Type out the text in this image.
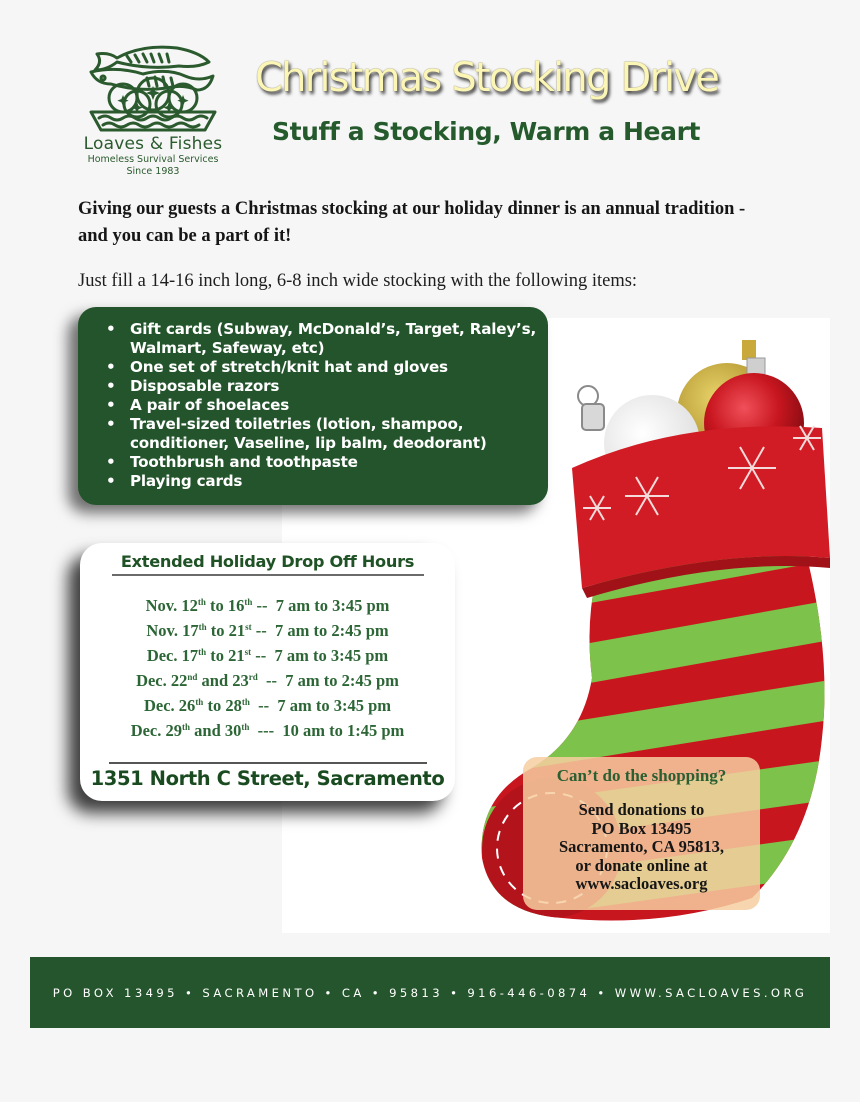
Loaves & Fishes
Homeless Survival Services
Since 1983
Christmas Stocking Drive
Stuff a Stocking, Warm a Heart
Giving our guests a Christmas stocking at our holiday dinner is an annual tradition - and you can be a part of it!
Just fill a 14-16 inch long, 6-8 inch wide stocking with the following items:
• Gift cards (Subway, McDonald’s, Target, Raley’s,
Walmart, Safeway, etc)
• One set of stretch/knit hat and gloves
• Disposable razors
• A pair of shoelaces
• Travel-sized toiletries (lotion, shampoo,
conditioner, Vaseline, lip balm, deodorant)
• Toothbrush and toothpaste
• Playing cards
Extended Holiday Drop Off Hours
Nov. 12th to 16th --  7 am to 3:45 pm
Nov. 17th to 21st --  7 am to 2:45 pm
Dec. 17th to 21st --  7 am to 3:45 pm
Dec. 22nd and 23rd  --  7 am to 2:45 pm
Dec. 26th to 28th  --  7 am to 3:45 pm
Dec. 29th and 30th  ---  10 am to 1:45 pm
1351 North C Street, Sacramento	Can’t do the shopping?
Send donations to
PO Box 13495
Sacramento, CA 95813,
or donate online at
www.sacloaves.org
PO BOX 13495 • SACRAMENTO • CA • 95813 • 916-446-0874 • WWW.SACLOAVES.ORG
